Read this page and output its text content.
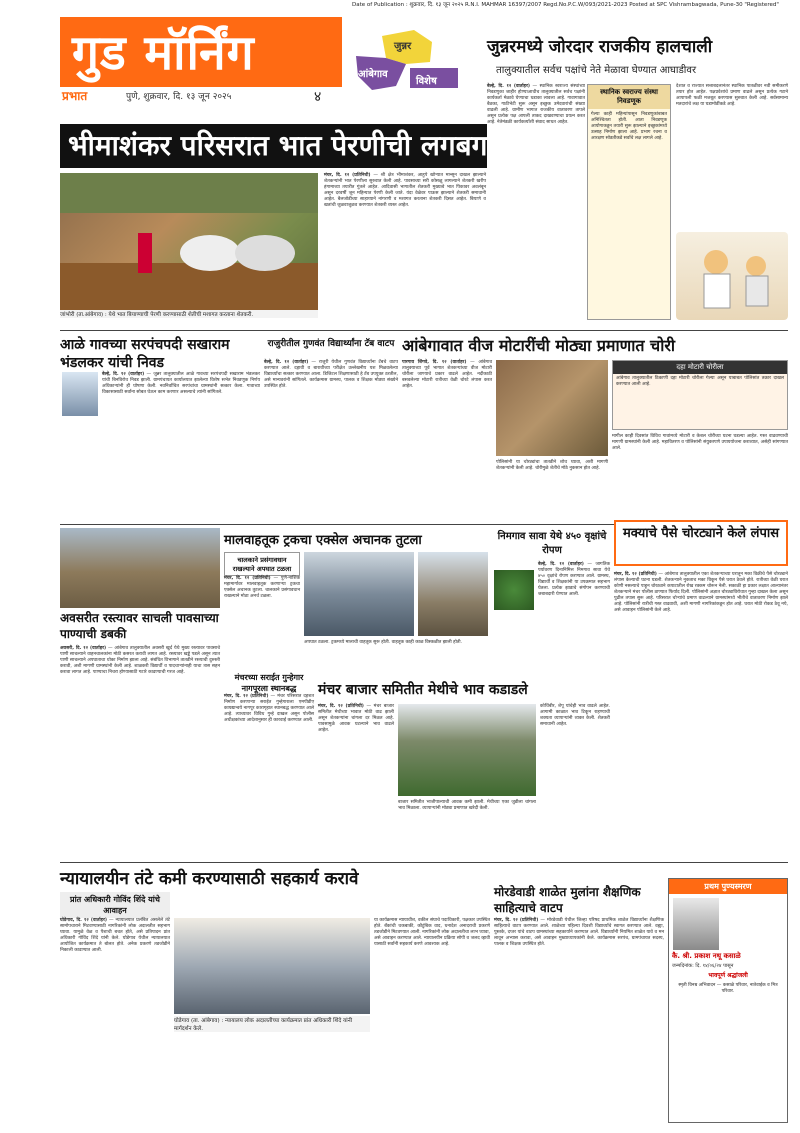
Date of Publication : शुक्रवार, दि. १३ जून २०२५ R.N.I. MAHMAR 16397/2007 Regd.No.P.C.W/093/2021-2023 Posted at SPC Vishrambagwada, Pune-30 "Registered"
गुड मॉर्निंग
प्रभात	पुणे, शुक्रवार, दि. १३ जून २०२५	४
जुन्नर
आंबेगाव
विशेष
जुन्नरमध्ये जोरदार राजकीय हालचाली
तालुक्यातील सर्वच पक्षांचे नेते मेळावा घेण्यात आघाडीवर
बेल्हे, दि. १२ (वार्ताहर) — स्थानिक स्वराज्य संस्थांच्या निवडणुका जाहीर होण्याआधीच तालुक्यातील सर्वच पक्षांनी कार्यकर्ता मेळावे घेण्याचा धडाका लावला आहे. गावागावात बैठका, गाठीभेटी सुरू असून इच्छुक उमेदवारांची संख्या वाढली आहे. ग्रामीण भागात राजकीय वातावरण तापले असून प्रत्येक पक्ष आपली ताकद दाखवण्याचा प्रयत्न करत आहे. नेतेमंडळी कार्यकर्त्यांशी संवाद साधत आहेत.
स्थानिक स्वराज्य संस्था निवडणूक
गेल्या काही महिन्यांपासून निवडणुकांबाबत अनिश्चितता होती. आता निवडणूक आयोगाकडून तयारी सुरू झाल्याने इच्छुकांमध्ये उत्साह निर्माण झाला आहे. प्रभाग रचना व आरक्षण सोडतीकडे सर्वांचे लक्ष लागले आहे.
देशात व राज्यात सत्ताबदलानंतर स्थानिक पातळीवर नवी समीकरणे तयार होत आहेत. पक्षप्रवेशांचे प्रमाण वाढले असून प्रत्येक गटाने आपापली फळी मजबूत करण्यास सुरुवात केली आहे. सर्वसामान्य मतदारांचे लक्ष या घडामोडींकडे आहे.
भीमाशंकर परिसरात भात पेरणीची लगबग
जांभोरी (ता.आंबेगाव) : येथे भात बियाण्याची पेरणी करण्यासाठी शेतीची मशागत करताना शेतकरी.
मंचर, दि. १२ (प्रतिनिधी) — श्री क्षेत्र भीमाशंकर, आहुपे खोऱ्यात मान्सून दाखल झाल्याने शेतकऱ्यांनी भात पेरणीला सुरुवात केली आहे. पावसाच्या सरी कोसळू लागल्याने शेतकरी खरीप हंगामाच्या तयारीत गुंतले आहेत. आदिवासी भागातील शेतकरी मुख्यत्वे भात पिकावर अवलंबून असून दरवर्षी जून महिन्यात पेरणी केली जाते. यंदा वेळेवर पाऊस झाल्याने शेतकरी समाधानी आहेत. बैलजोडीच्या साहाय्याने नांगरणी व मशागत करताना शेतकरी दिसत आहेत. बियाणे व खतांची जुळवाजुळव करण्यात शेतकरी व्यस्त आहेत.
आळे गावच्या सरपंचपदी सखाराम भंडलकर यांची निवड
बेल्हे, दि. १२ (वार्ताहर) — जुन्नर तालुक्यातील आळे गावच्या सरपंचपदी सखाराम भंडलकर यांची बिनविरोध निवड झाली. ग्रामपंचायत कार्यालयात झालेल्या विशेष सभेत निवडणूक निर्णय अधिकाऱ्यांनी ही घोषणा केली. नवनिर्वाचित सरपंचांचा ग्रामस्थांनी सत्कार केला. गावाच्या विकासासाठी सर्वांना सोबत घेऊन काम करणार असल्याचे त्यांनी सांगितले.
राजुरीतील गुणवंत विद्यार्थ्यांना टॅब वाटप
बेल्हे, दि. १२ (वार्ताहर) — राजुरी येथील गुणवंत विद्यार्थ्यांना टॅबचे वाटप करण्यात आले. दहावी व बारावीच्या परीक्षेत उल्लेखनीय यश मिळवलेल्या विद्यार्थ्यांचा सत्कार करण्यात आला. डिजिटल शिक्षणासाठी हे टॅब उपयुक्त ठरतील, असे मान्यवरांनी सांगितले. कार्यक्रमास ग्रामस्थ, पालक व शिक्षक मोठ्या संख्येने उपस्थित होते.
आंबेगावात वीज मोटारींची मोठ्या प्रमाणात चोरी
पारगाव शिंगवे, दि. १२ (वार्ताहर) — आंबेगाव तालुक्याच्या पूर्व भागात शेतकऱ्यांच्या वीज मोटारी चोरीला जाण्याचे प्रकार वाढले आहेत. नदीकाठी बसवलेल्या मोटारी रात्रीच्या वेळी चोरटे लंपास करत आहेत.
पोलिसांनी या चोरट्यांचा तातडीने शोध घ्यावा, अशी मागणी शेतकऱ्यांनी केली आहे. चोरीमुळे शेतीचे मोठे नुकसान होत आहे.
दहा मोटारी चोरीला
आंबेगाव तालुक्यातील ठिकाणी दहा मोटारी चोरीला गेल्या असून याबाबत पोलिसांत तक्रार दाखल करण्यात आली आहे.
मागील काही दिवसांत विविध गावांमध्ये मोटारी व केबल चोरीच्या घटना घडल्या आहेत. गस्त वाढवण्याची मागणी ग्रामस्थांनी केली आहे. महावितरण व पोलिसांनी संयुक्तपणे उपाययोजना कराव्यात, असेही सांगण्यात आले.
अवसरीत रस्त्यावर साचली पावसाच्या पाण्याची डबकी
अवसरी, दि. १२ (वार्ताहर) — आंबेगाव तालुक्यातील अवसरी खुर्द येथे मुख्य रस्त्यावर पावसाचे पाणी साचल्याने वाहनचालकांना मोठी कसरत करावी लागत आहे. रस्त्यावर खड्डे पडले असून त्यात पाणी साचल्याने अपघाताचा धोका निर्माण झाला आहे. संबंधित विभागाने तातडीने रस्त्याची दुरुस्ती करावी, अशी मागणी ग्रामस्थांनी केली आहे. शाळकरी विद्यार्थी व पादचाऱ्यांनाही याचा त्रास सहन करावा लागत आहे. पाण्याचा निचरा होण्यासाठी गटारे काढण्याची गरज आहे.
मालवाहतूक ट्रकचा एक्सेल अचानक तुटला
चालकाने प्रसंगावधान राखल्याने अपघात टळला
मंचर, दि. १२ (प्रतिनिधी) — पुणे-नाशिक महामार्गावर मालवाहतूक करणाऱ्या ट्रकचा एक्सेल अचानक तुटला. चालकाने प्रसंगावधान राखल्याने मोठा अनर्थ टळला.
अपघात टळला. ट्रकमध्ये मालाची वाहतूक सुरू होती. वाहतूक काही काळ विस्कळीत झाली होती.
निमगाव सावा येथे ४५० वृक्षांचे रोपण
बेल्हे, दि. १२ (वार्ताहर) — जागतिक पर्यावरण दिनानिमित्त निमगाव सावा येथे ४५० वृक्षांचे रोपण करण्यात आले. ग्रामस्थ, विद्यार्थी व शिक्षकांनी या उपक्रमात सहभाग घेतला. प्रत्येक झाडाचे संगोपन करण्याची जबाबदारी घेण्यात आली.
मक्याचे पैसे चोरट्याने केले लंपास
मंचर, दि. १२ (प्रतिनिधी) — आंबेगाव तालुक्यातील एका शेतकऱ्याच्या घरातून मका विक्रीचे पैसे चोरट्याने लंपास केल्याची घटना घडली. शेतकऱ्याने नुकताच मका विकून पैसे घरात ठेवले होते. रात्रीच्या वेळी घरात कोणी नसल्याचे पाहून चोरट्याने कपाटातील रोख रक्कम चोरून नेली. सकाळी हा प्रकार लक्षात आल्यानंतर शेतकऱ्याने मंचर पोलीस ठाण्यात फिर्याद दिली. पोलिसांनी अज्ञात चोरट्याविरोधात गुन्हा दाखल केला असून पुढील तपास सुरू आहे. परिसरात चोऱ्यांचे प्रमाण वाढल्याने ग्रामस्थांमध्ये भीतीचे वातावरण निर्माण झाले आहे. पोलिसांनी रात्रीची गस्त वाढवावी, अशी मागणी नागरिकांकडून होत आहे. घरात मोठी रोकड ठेवू नये, असे आवाहन पोलिसांनी केले आहे.
मंचरच्या सराईत गुन्हेगार नागपूरला स्थानबद्ध
मंचर, दि. १२ (प्रतिनिधी) — मंचर परिसरात दहशत निर्माण करणाऱ्या सराईत गुन्हेगाराला एमपीडीए कायद्यान्वये नागपूर कारागृहात स्थानबद्ध करण्यात आले आहे. त्याच्यावर विविध गुन्हे दाखल असून पोलीस अधीक्षकांच्या आदेशानुसार ही कारवाई करण्यात आली.
मंचर बाजार समितीत मेथीचे भाव कडाडले
मंचर, दि. १२ (प्रतिनिधी) — मंचर बाजार समितीत मेथीच्या भावात मोठी वाढ झाली असून शेतकऱ्यांना चांगला दर मिळत आहे. पावसामुळे आवक घटल्याने भाव वाढले आहेत.
बाजार समितीत भाजीपाल्याची आवक कमी झाली. मेथीच्या एका जुडीला चांगला भाव मिळाला. व्यापाऱ्यांनी मोठ्या प्रमाणात खरेदी केली.
कोथिंबीर, शेपू यांचेही भाव वाढले आहेत. आगामी काळात भाव टिकून राहण्याची शक्यता व्यापाऱ्यांनी व्यक्त केली. शेतकरी समाधानी आहेत.
न्यायालयीन तंटे कमी करण्यासाठी सहकार्य करावे
प्रांत अधिकारी गोविंद शिंदे यांचे आवाहन
घोडेगाव, दि. १२ (वार्ताहर) — न्यायालयात प्रलंबित असलेले तंटे सामोपचाराने मिटवण्यासाठी नागरिकांनी लोक अदालतीत सहभाग घ्यावा. यामुळे वेळ व पैशाची बचत होते, असे प्रतिपादन प्रांत अधिकारी गोविंद शिंदे यांनी केले. घोडेगाव येथील न्यायालयात आयोजित कार्यक्रमात ते बोलत होते. अनेक प्रकरणे तडजोडीने निकाली काढण्यात आली.
घोडेगाव (ता. आंबेगाव) : न्यायालय लोक अदालतीच्या कार्यक्रमात प्रांत अधिकारी शिंदे यांनी मार्गदर्शन केले.
या कार्यक्रमास न्यायाधीश, वकील संघाचे पदाधिकारी, पक्षकार उपस्थित होते. बँकांची थकबाकी, कौटुंबिक वाद, धनादेश अनादराची प्रकरणे तडजोडीने मिटवण्यात आली. नागरिकांनी लोक अदालतीचा लाभ घ्यावा, असे आवाहन करण्यात आले. न्यायालयीन प्रक्रिया सोपी व जलद व्हावी यासाठी सर्वांनी सहकार्य करणे आवश्यक आहे.
मोरडेवाडी शाळेत मुलांना शैक्षणिक साहित्याचे वाटप
मंचर, दि. १२ (प्रतिनिधी) — मोरडेवाडी येथील जिल्हा परिषद प्राथमिक शाळेत विद्यार्थ्यांना शैक्षणिक साहित्याचे वाटप करण्यात आले. शाळेच्या पहिल्या दिवशी विद्यार्थ्यांचे स्वागत करण्यात आले. वह्या, पुस्तके, दप्तर यांचे वाटप ग्रामस्थांच्या सहकार्याने करण्यात आले. विद्यार्थ्यांनी नियमित शाळेत यावे व मन लावून अभ्यास करावा, असे आवाहन मुख्याध्यापकांनी केले. कार्यक्रमास सरपंच, ग्रामपंचायत सदस्य, पालक व शिक्षक उपस्थित होते.
प्रथम पुण्यस्मरण
कै. श्री. प्रकाश नथू कसाळे
जन्मदिनांक: दि. १४/०६/२४ पासून
भावपूर्ण श्रद्धांजली
स्मृती विनम्र अभिवादन — कसाळे परिवार, नातेवाईक व मित्र परिवार.
